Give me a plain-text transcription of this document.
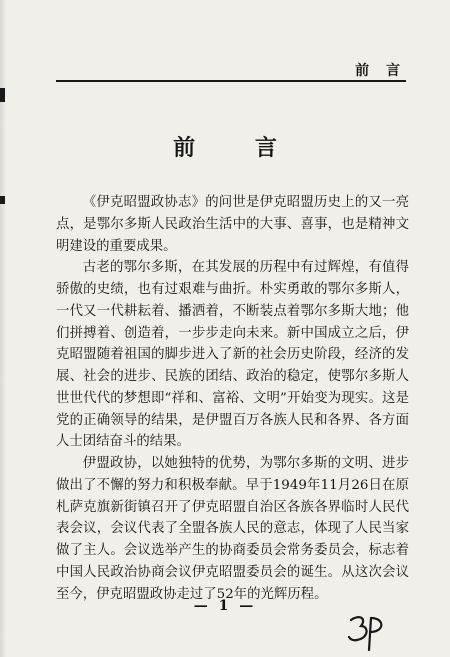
前 言
前 言

《伊克昭盟政协志》的问世是伊克昭盟历史上的又一亮点，是鄂尔多斯人民政治生活中的大事、喜事，也是精神文明建设的重要成果。

古老的鄂尔多斯，在其发展的历程中有过辉煌，有值得骄傲的史绩，也有过艰难与曲折。朴实勇敢的鄂尔多斯人，一代又一代耕耘着、播洒着，不断装点着鄂尔多斯大地；他们拼搏着、创造着，一步步走向未来。新中国成立之后，伊克昭盟随着祖国的脚步进入了新的社会历史阶段，经济的发展、社会的进步、民族的团结、政治的稳定，使鄂尔多斯人世世代代的梦想即“祥和、富裕、文明”开始变为现实。这是党的正确领导的结果，是伊盟百万各族人民和各界、各方面人士团结奋斗的结果。

伊盟政协，以她独特的优势，为鄂尔多斯的文明、进步做出了不懈的努力和积极奉献。早于1949年11月26日在原札萨克旗新街镇召开了伊克昭盟自治区各族各界临时人民代表会议，会议代表了全盟各族人民的意志，体现了人民当家做了主人。会议选举产生的协商委员会常务委员会，标志着中国人民政治协商会议伊克昭盟委员会的诞生。从这次会议至今，伊克昭盟政协走过了52年的光辉历程。

— 1 —
